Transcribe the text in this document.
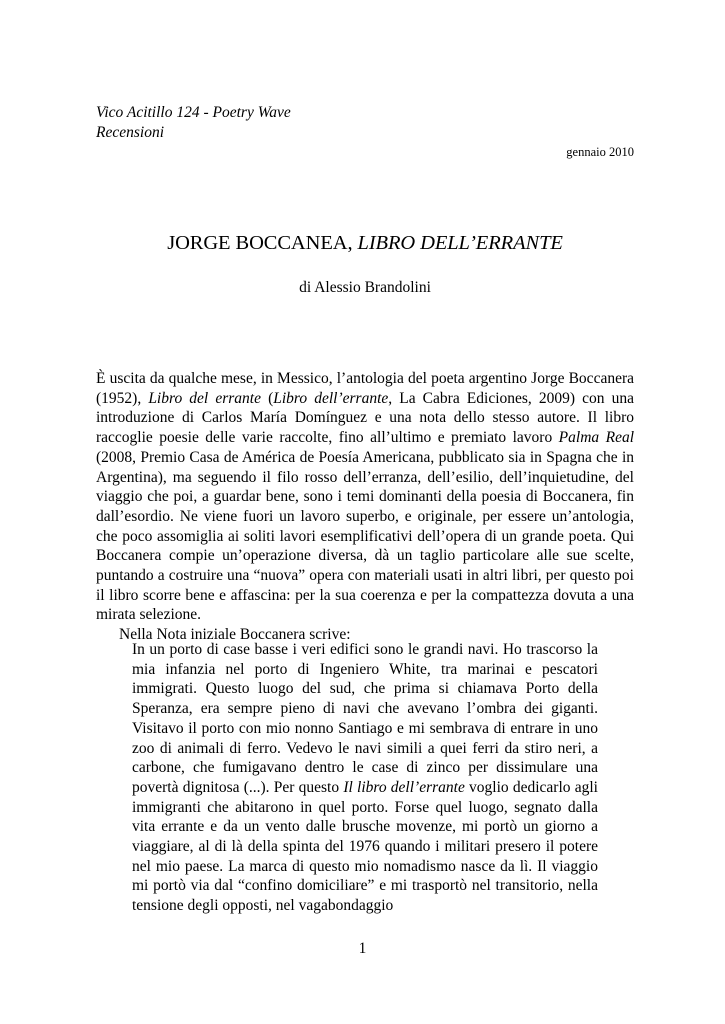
Vico Acitillo 124 - Poetry Wave
Recensioni
gennaio 2010
JORGE BOCCANEA, LIBRO DELL’ERRANTE
di Alessio Brandolini

È uscita da qualche mese, in Messico, l’antologia del poeta argentino Jorge Boccanera (1952), Libro del errante (Libro dell’errante, La Cabra Ediciones, 2009) con una introduzione di Carlos María Domínguez e una nota dello stesso autore. Il libro raccoglie poesie delle varie raccolte, fino all’ultimo e premiato lavoro Palma Real (2008, Premio Casa de América de Poesía Americana, pubblicato sia in Spagna che in Argentina), ma seguendo il filo rosso dell’erranza, dell’esilio, dell’inquietudine, del viaggio che poi, a guardar bene, sono i temi dominanti della poesia di Boccanera, fin dall’esordio. Ne viene fuori un lavoro superbo, e originale, per essere un’antologia, che poco assomiglia ai soliti lavori esemplificativi dell’opera di un grande poeta. Qui Boccanera compie un’operazione diversa, dà un taglio particolare alle sue scelte, puntando a costruire una “nuova” opera con materiali usati in altri libri, per questo poi il libro scorre bene e affascina: per la sua coerenza e per la compattezza dovuta a una mirata selezione.

Nella Nota iniziale Boccanera scrive:

In un porto di case basse i veri edifici sono le grandi navi. Ho trascorso la mia infanzia nel porto di Ingeniero White, tra marinai e pescatori immigrati. Questo luogo del sud, che prima si chiamava Porto della Speranza, era sempre pieno di navi che avevano l’ombra dei giganti. Visitavo il porto con mio nonno Santiago e mi sembrava di entrare in uno zoo di animali di ferro. Vedevo le navi simili a quei ferri da stiro neri, a carbone, che fumigavano dentro le case di zinco per dissimulare una povertà dignitosa (...). Per questo Il libro dell’errante voglio dedicarlo agli immigranti che abitarono in quel porto. Forse quel luogo, segnato dalla vita errante e da un vento dalle brusche movenze, mi portò un giorno a viaggiare, al di là della spinta del 1976 quando i militari presero il potere nel mio paese. La marca di questo mio nomadismo nasce da lì. Il viaggio mi portò via dal “confino domiciliare” e mi trasportò nel transitorio, nella tensione degli opposti, nel vagabondaggio

1
